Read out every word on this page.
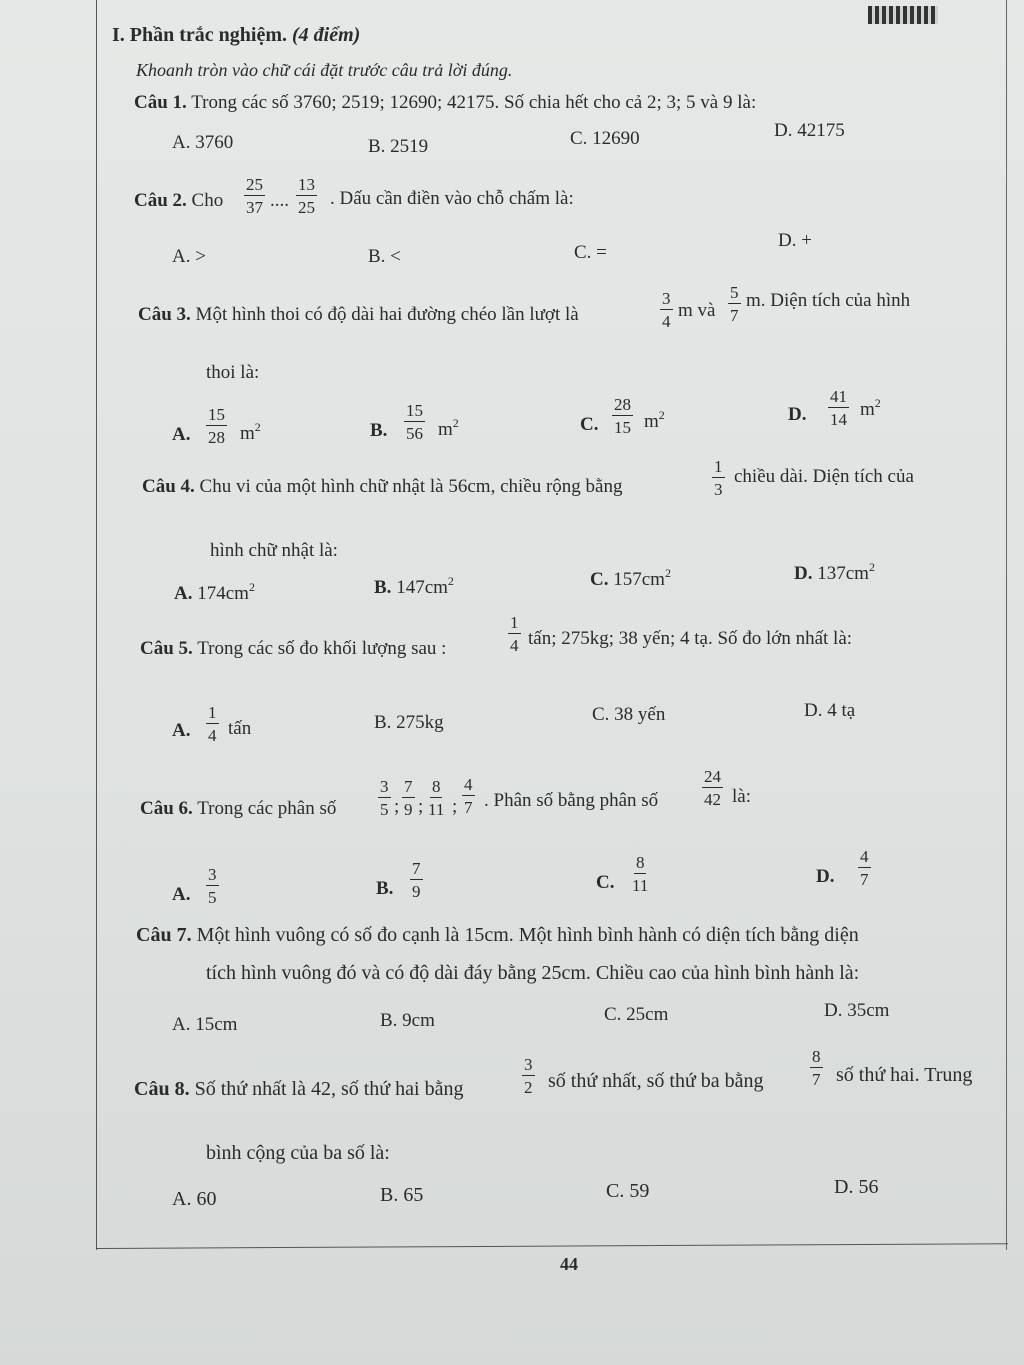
I. Phần trắc nghiệm. (4 điểm)
Khoanh tròn vào chữ cái đặt trước câu trả lời đúng.
Câu 1. Trong các số 3760; 2519; 12690; 42175. Số chia hết cho cả 2; 3; 5 và 9 là:
A. 3760	B. 2519	C. 12690	D. 42175
Câu 2. Cho $\frac{25}{37}$ .... $\frac{13}{25}$ . Dấu cần điền vào chỗ chấm là:
A. >	B. <	C. =
D. +
Câu 3. Một hình thoi có độ dài hai đường chéo lần lượt là	$\frac{3}{4}$ m và $\frac{5}{7} m$. Diện tích của hình
thoi là:
A. $\frac{15}{28} m^2$	B. $\frac{15}{56} m^2$	C. $\frac{28}{15} m^2$	D. $\frac{41}{14} m^2$
Câu 4. Chu vi của một hình chữ nhật là 56cm, chiều rộng bằng	$\frac{1}{3}$ chiều dài. Diện tích của
hình chữ nhật là:
A. $174cm^2$	B. $147cm^2$	C. $157cm^2$	D. $137cm^2$
Câu 5. Trong các số đo khối lượng sau :	$\frac{1}{4}$ tấn; 275kg; 38 yến; 4 tạ. Số đo lớn nhất là:
A. $\frac{1}{4}$ tấn	B. 275kg	C. 38 yến	D. 4 tạ
Câu 6. Trong các phân số $\frac{3}{5}$ ; $\frac{7}{9}$ ; $\frac{8}{11}$ ; $\frac{4}{7}$ . Phân số bằng phân số	$\frac{24}{42}$ là:
A. $\frac{3}{5}$	B. $\frac{7}{9}$	C. $\frac{8}{11}$	D. $\frac{4}{7}$
Câu 7. Một hình vuông có số đo cạnh là 15cm. Một hình bình hành có diện tích bằng diện
tích hình vuông đó và có độ dài đáy bằng 25cm. Chiều cao của hình bình hành là:
A. 15cm	B. 9cm	C. 25cm	D. 35cm
Câu 8. Số thứ nhất là 42, số thứ hai bằng	$\frac{3}{2}$ số thứ nhất, số thứ ba bằng	$\frac{8}{7}$ số thứ hai. Trung
bình cộng của ba số là:
A. 60	B. 65	C. 59	D. 56
44
